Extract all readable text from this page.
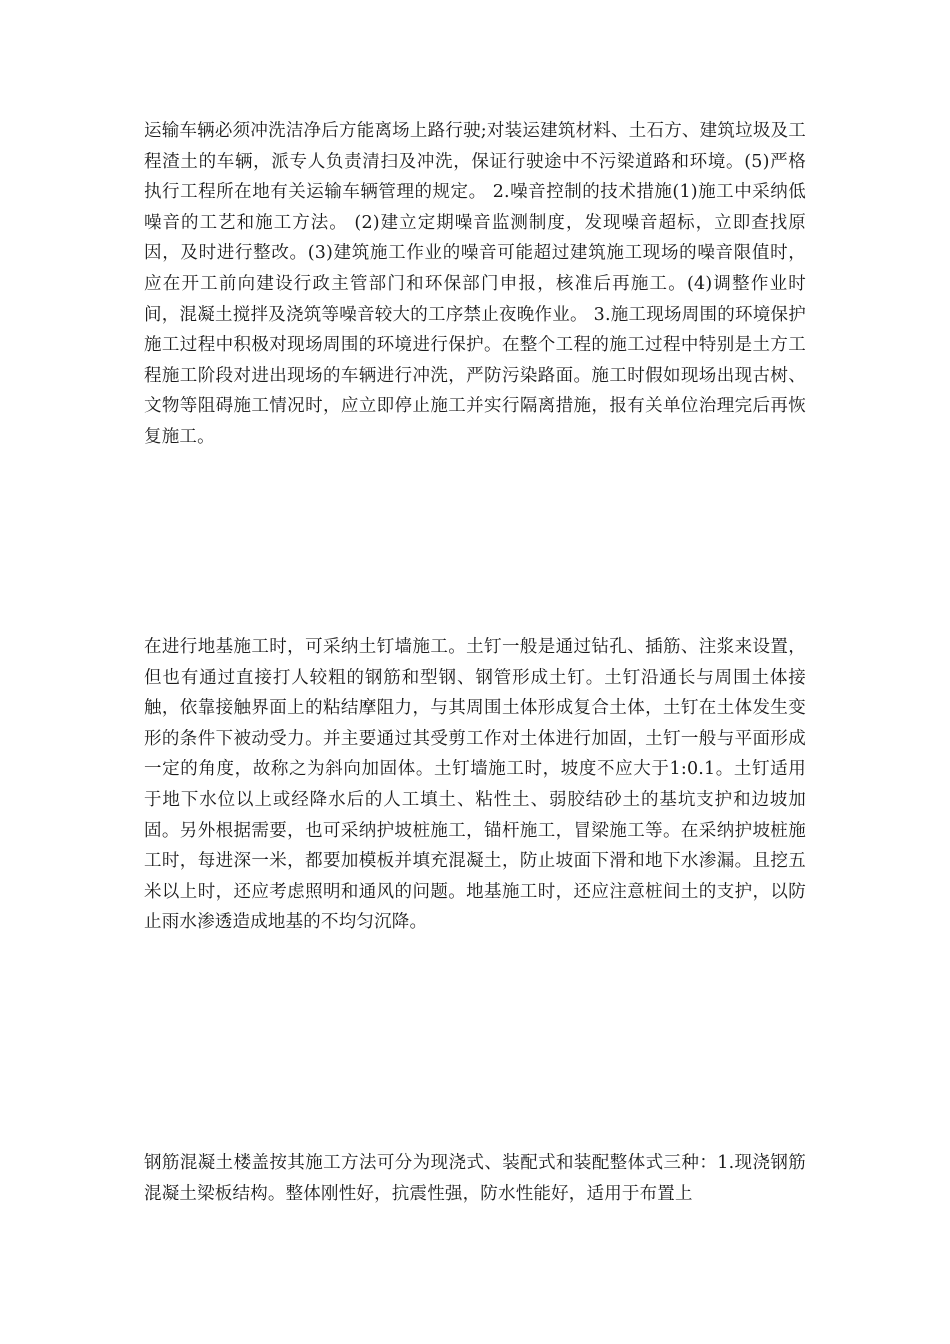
运输车辆必须冲洗洁净后方能离场上路行驶;对装运建筑材料、土石方、建筑垃圾及工程渣土的车辆，派专人负责清扫及冲洗，保证行驶途中不污梁道路和环境。(5)严格执行工程所在地有关运输车辆管理的规定。 2.噪音控制的技术措施(1)施工中采纳低噪音的工艺和施工方法。 (2)建立定期噪音监测制度，发现噪音超标，立即查找原因，及时进行整改。(3)建筑施工作业的噪音可能超过建筑施工现场的噪音限值时，应在开工前向建设行政主管部门和环保部门申报，核准后再施工。(4)调整作业时间，混凝土搅拌及浇筑等噪音较大的工序禁止夜晚作业。 3.施工现场周围的环境保护施工过程中积极对现场周围的环境进行保护。在整个工程的施工过程中特别是土方工程施工阶段对进出现场的车辆进行冲洗，严防污染路面。施工时假如现场出现古树、文物等阻碍施工情况时，应立即停止施工并实行隔离措施，报有关单位治理完后再恢复施工。

在进行地基施工时，可采纳土钉墙施工。土钉一般是通过钻孔、插筋、注浆来设置，但也有通过直接打人较粗的钢筋和型钢、钢管形成土钉。土钉沿通长与周围土体接触，依靠接触界面上的粘结摩阻力，与其周围土体形成复合土体，土钉在土体发生变形的条件下被动受力。并主要通过其受剪工作对土体进行加固，土钉一般与平面形成一定的角度，故称之为斜向加固体。土钉墙施工时，坡度不应大于1:0.1。土钉适用于地下水位以上或经降水后的人工填土、粘性土、弱胶结砂土的基坑支护和边坡加固。另外根据需要，也可采纳护坡桩施工，锚杆施工，冒梁施工等。在采纳护坡桩施工时，每进深一米，都要加模板并填充混凝土，防止坡面下滑和地下水渗漏。且挖五米以上时，还应考虑照明和通风的问题。地基施工时，还应注意桩间土的支护，以防止雨水渗透造成地基的不均匀沉降。

钢筋混凝土楼盖按其施工方法可分为现浇式、装配式和装配整体式三种：1.现浇钢筋混凝土梁板结构。整体刚性好，抗震性强，防水性能好，适用于布置上
